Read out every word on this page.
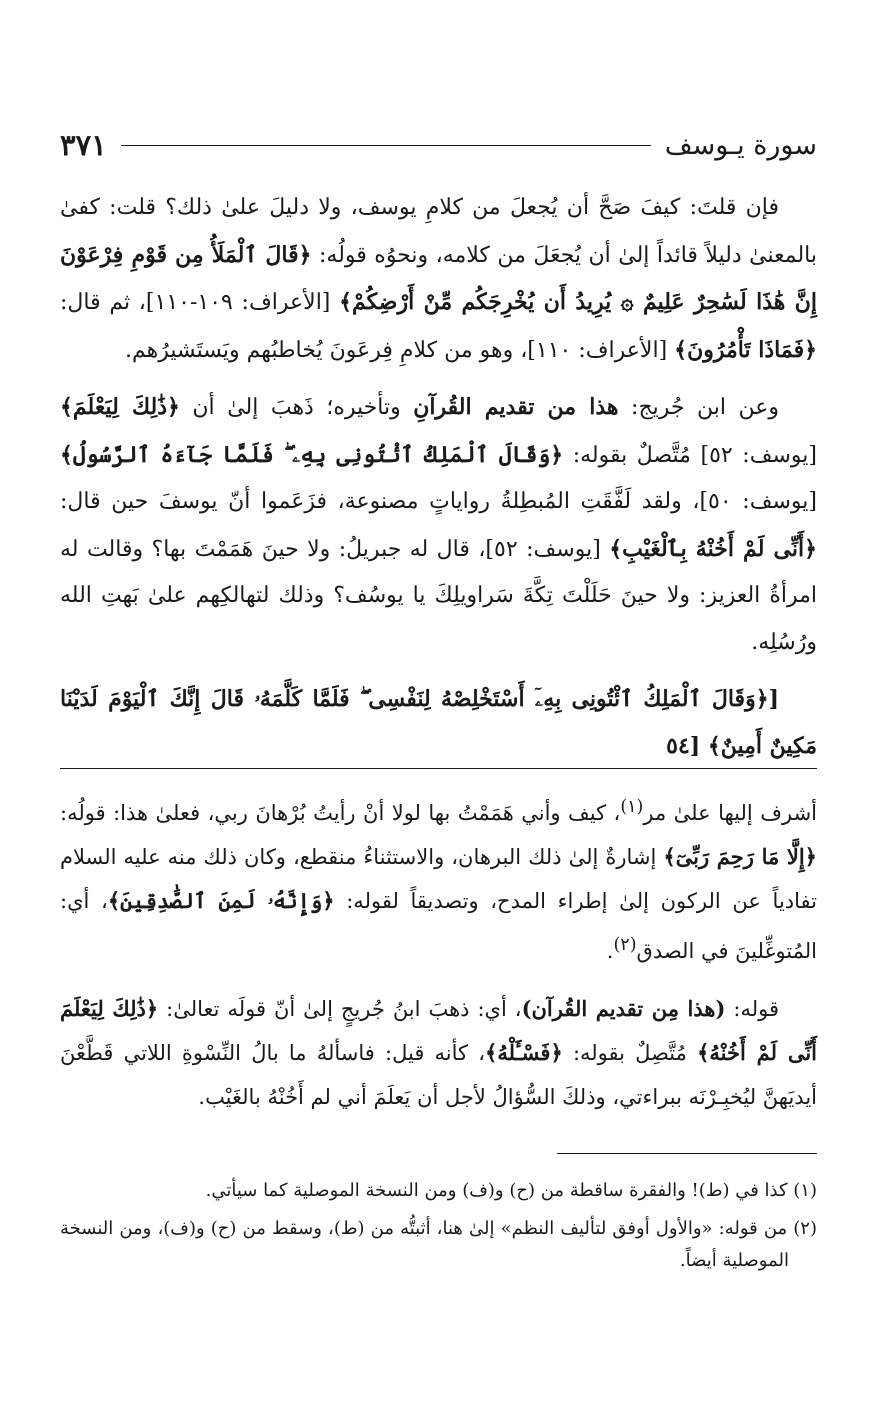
سورة يـوسف
٣٧١

فإن قلتَ: كيفَ صَحَّ أن يُجعلَ من كلامِ يوسف، ولا دليلَ علىٰ ذلك؟ قلت: كفىٰ بالمعنىٰ دليلاً قائداً إلىٰ أن يُجعَلَ من كلامه، ونحوُه قولُه: ﴿قَالَ ٱلْمَلَأُ مِن قَوْمِ فِرْعَوْنَ إِنَّ هَٰذَا لَسَٰحِرٌ عَلِيمٌ ۞ يُرِيدُ أَن يُخْرِجَكُم مِّنْ أَرْضِكُمْ﴾ [الأعراف: ١٠٩-١١٠]، ثم قال: ﴿فَمَاذَا تَأْمُرُونَ﴾ [الأعراف: ١١٠]، وهو من كلامِ فِرعَونَ يُخاطبُهم ويَستَشيرُهم.

وعن ابن جُريج: هذا من تقديم القُرآنِ وتأخيره؛ ذَهبَ إلىٰ أن ﴿ذَٰلِكَ لِيَعْلَمَ﴾ [يوسف: ٥٢] مُتَّصلٌ بقوله: ﴿وَقَالَ ٱلْمَلِكُ ٱئْتُونِى بِهِۦ ۖ فَلَمَّا جَآءَهُ ٱلرَّسُولُ﴾ [يوسف: ٥٠]، ولقد لَفَّقَتِ المُبطِلةُ رواياتٍ مصنوعة، فزَعَموا أنّ يوسفَ حين قال: ﴿أَنِّى لَمْ أَخُنْهُ بِٱلْغَيْبِ﴾ [يوسف: ٥٢]، قال له جبريلُ: ولا حينَ هَمَمْتَ بها؟ وقالت له امرأةُ العزيز: ولا حينَ حَلَلْتَ تِكَّةَ سَراويلِكَ يا يوسُف؟ وذلك لتهالكِهم علىٰ بَهتِ الله ورُسُلِه.

[﴿وَقَالَ ٱلْمَلِكُ ٱئْتُونِى بِهِۦٓ أَسْتَخْلِصْهُ لِنَفْسِى ۖ فَلَمَّا كَلَّمَهُۥ قَالَ إِنَّكَ ٱلْيَوْمَ لَدَيْنَا مَكِينٌ أَمِينٌ﴾ [٥٤

أشرف إليها علىٰ مر$^{(١)}$، كيف وأني هَمَمْتُ بها لولا أنْ رأيتُ بُرْهانَ ربي، فعلىٰ هذا: قولُه: ﴿إِلَّا مَا رَحِمَ رَبِّىٓ﴾ إشارةٌ إلىٰ ذلك البرهان، والاستثناءُ منقطع، وكان ذلك منه عليه السلام تفادياً عن الركون إلىٰ إطراء المدح، وتصديقاً لقوله: ﴿وَإِنَّهُۥ لَمِنَ ٱلصَّٰدِقِينَ﴾، أي: المُتوغِّلينَ في الصدق$^{(٢)}$.

قوله: (هذا مِن تقديم القُرآن)، أي: ذهبَ ابنُ جُريجٍ إلىٰ أنّ قولَه تعالىٰ: ﴿ذَٰلِكَ لِيَعْلَمَ أَنِّى لَمْ أَخُنْهُ﴾ مُتَّصِلٌ بقوله: ﴿فَسْـَٔلْهُ﴾، كأنه قيل: فاسألهُ ما بالُ النِّسْوةِ اللاتي قَطَّعْنَ أيديَهنَّ ليُخبِـرْنَه ببراءتي، وذلكَ السُّؤالُ لأجل أن يَعلَمَ أني لم أَخُنْهُ بالغَيْب.

(١) كذا في (ط)! والفقرة ساقطة من (ح) و(ف) ومن النسخة الموصلية كما سيأتي.

(٢) من قوله: «والأول أوفق لتأليف النظم» إلىٰ هنا، أثبتُّه من (ط)، وسقط من (ح) و(ف)، ومن النسخة الموصلية أيضاً.
